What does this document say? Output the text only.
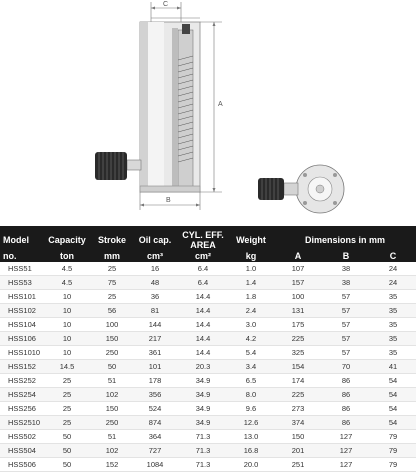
C
A
B
Model	Capacity	Stroke	Oil cap.	CYL. EFF.
AREA	Weight	Dimensions in mm		
no.	ton	mm	cm³	cm²	kg	A	B	C
HSS51	4.5	25	16	6.4	1.0	107	38	24
HSS53	4.5	75	48	6.4	1.4	157	38	24
HSS101	10	25	36	14.4	1.8	100	57	35
HSS102	10	56	81	14.4	2.4	131	57	35
HSS104	10	100	144	14.4	3.0	175	57	35
HSS106	10	150	217	14.4	4.2	225	57	35
HSS1010	10	250	361	14.4	5.4	325	57	35
HSS152	14.5	50	101	20.3	3.4	154	70	41
HSS252	25	51	178	34.9	6.5	174	86	54
HSS254	25	102	356	34.9	8.0	225	86	54
HSS256	25	150	524	34.9	9.6	273	86	54
HSS2510	25	250	874	34.9	12.6	374	86	54
HSS502	50	51	364	71.3	13.0	150	127	79
HSS504	50	102	727	71.3	16.8	201	127	79
HSS506	50	152	1084	71.3	20.0	251	127	79
